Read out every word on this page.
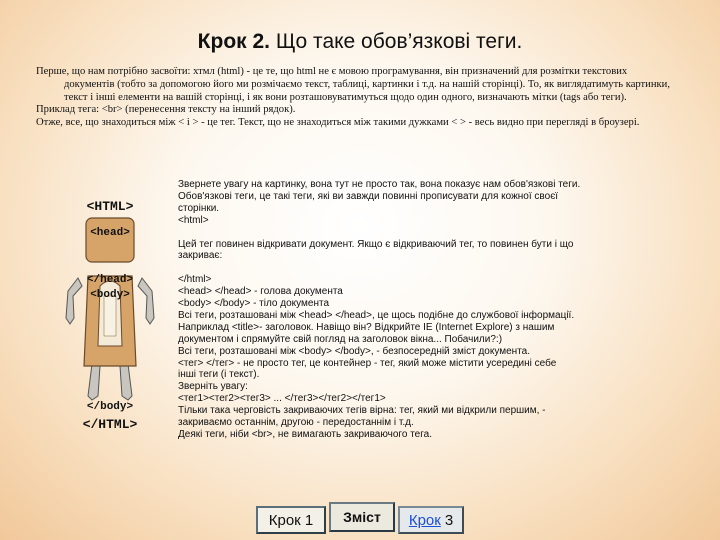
Крок 2. Що таке обов’язкові теги.

Перше, що нам потрібно засвоїти: хтмл (html) - це те, що html не є мовою програмування, він призначений для розмітки текстових документів (тобто за допомогою його ми розмічаємо текст, таблиці, картинки і т.д. на нашій сторінці). То, як виглядатимуть картинки, текст і інші елементи на вашій сторінці, і як вони розташовуватимуться щодо один одного, визначають мітки (tags або теги).

Приклад тега: <br> (перенесення тексту на інший рядок).

Отже, все, що знаходиться між < і > - це тег. Текст, що не знаходиться між такими дужками < > - весь видно при перегляді в броузері.

<HTML>
<head>
</head>
<body>
</body>
</HTML>
Звернете увагу на картинку, вона тут не просто так, вона показує нам обов'язкові теги.
Обов'язкові теги, це такі теги, які ви завжди повинні прописувати для кожної своєї
сторінки.
<html>
Цей тег повинен відкривати документ. Якщо є відкриваючий тег, то повинен бути і що
закриває:
</html>
<head> </head> - голова документа
<body> </body> - тіло документа
Всі теги, розташовані між <head> </head>, це щось подібне до службової інформації.
Наприклад <title>- заголовок. Навіщо він? Відкрийте IE (Internet Explore) з нашим
документом і спрямуйте свій погляд на заголовок вікна... Побачили?:)
Всі теги, розташовані між <body> </body>, - безпосередній зміст документа.
<тег> </тег> - не просто тег, це контейнер - тег, який може містити усередині себе
інші теги (і текст).
Зверніть увагу:
<тег1><тег2><тег3> ... </тег3></тег2></тег1>
Тільки така черговість закриваючих тегів вірна: тег, який ми відкрили першим, -
закриваємо останнім, другою - передостаннім і т.д.
Деякі теги, ніби <br>, не вимагають закриваючого тега.
Крок 1	Зміст	Крок 3
